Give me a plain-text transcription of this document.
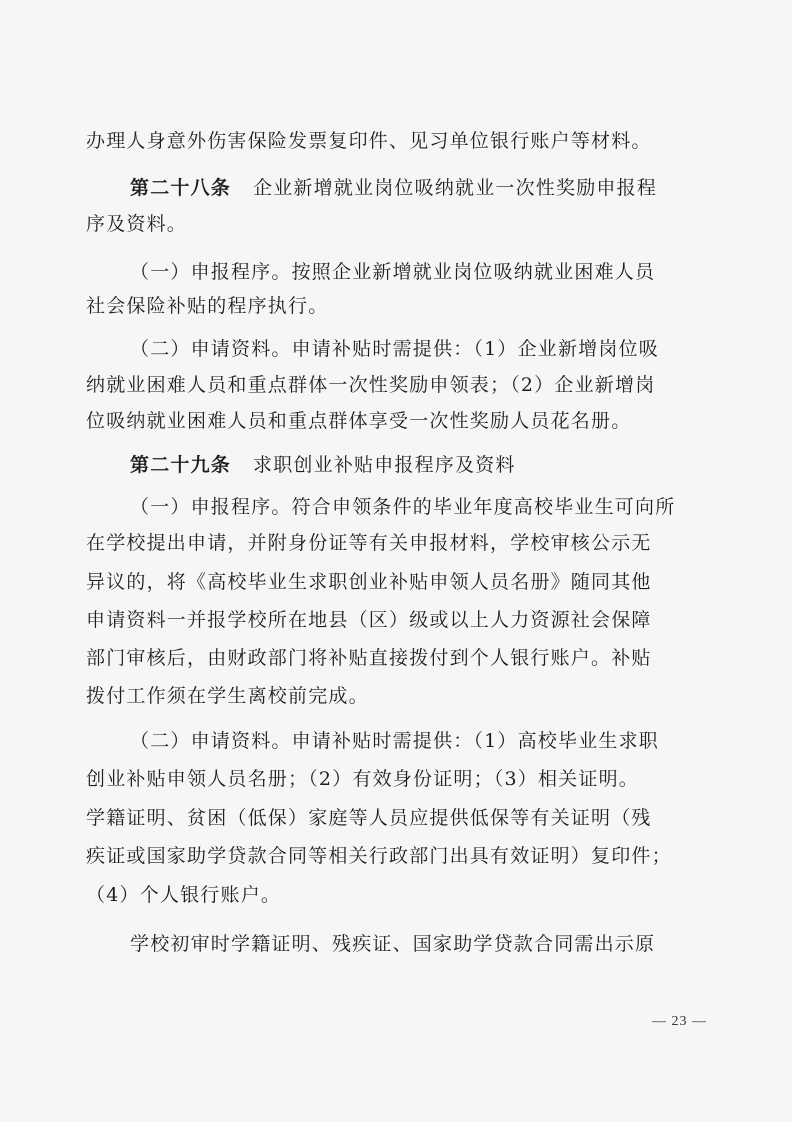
办理人身意外伤害保险发票复印件、见习单位银行账户等材料。
第二十八条 企业新增就业岗位吸纳就业一次性奖励申报程
序及资料。
（一）申报程序。按照企业新增就业岗位吸纳就业困难人员
社会保险补贴的程序执行。
（二）申请资料。申请补贴时需提供：（1）企业新增岗位吸
纳就业困难人员和重点群体一次性奖励申领表；（2）企业新增岗
位吸纳就业困难人员和重点群体享受一次性奖励人员花名册。
第二十九条 求职创业补贴申报程序及资料
（一）申报程序。符合申领条件的毕业年度高校毕业生可向所
在学校提出申请，并附身份证等有关申报材料，学校审核公示无
异议的，将《高校毕业生求职创业补贴申领人员名册》随同其他
申请资料一并报学校所在地县（区）级或以上人力资源社会保障
部门审核后，由财政部门将补贴直接拨付到个人银行账户。补贴
拨付工作须在学生离校前完成。
（二）申请资料。申请补贴时需提供：（1）高校毕业生求职
创业补贴申领人员名册；（2）有效身份证明；（3）相关证明。
学籍证明、贫困（低保）家庭等人员应提供低保等有关证明（残
疾证或国家助学贷款合同等相关行政部门出具有效证明）复印件；
（4）个人银行账户。
学校初审时学籍证明、残疾证、国家助学贷款合同需出示原
— 23 —
